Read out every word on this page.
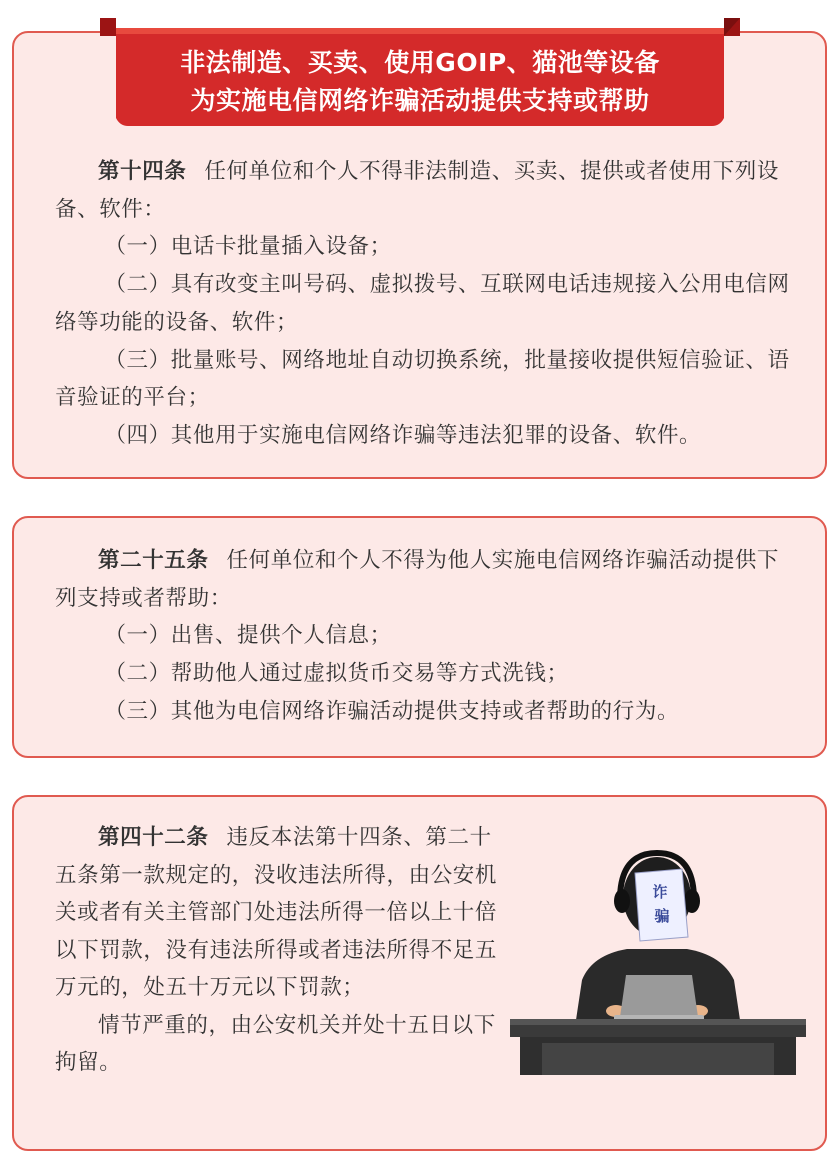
第十四条 任何单位和个人不得非法制造、买卖、提供或者使用下列设备、软件：

（一）电话卡批量插入设备；

（二）具有改变主叫号码、虚拟拨号、互联网电话违规接入公用电信网络等功能的设备、软件；

（三）批量账号、网络地址自动切换系统，批量接收提供短信验证、语音验证的平台；

（四）其他用于实施电信网络诈骗等违法犯罪的设备、软件。

非法制造、买卖、使用GOIP、猫池等设备
为实施电信网络诈骗活动提供支持或帮助

第二十五条 任何单位和个人不得为他人实施电信网络诈骗活动提供下列支持或者帮助：

（一）出售、提供个人信息；

（二）帮助他人通过虚拟货币交易等方式洗钱；

（三）其他为电信网络诈骗活动提供支持或者帮助的行为。

第四十二条 违反本法第十四条、第二十五条第一款规定的，没收违法所得，由公安机关或者有关主管部门处违法所得一倍以上十倍以下罚款，没有违法所得或者违法所得不足五万元的，处五十万元以下罚款；

情节严重的，由公安机关并处十五日以下拘留。

诈
骗
